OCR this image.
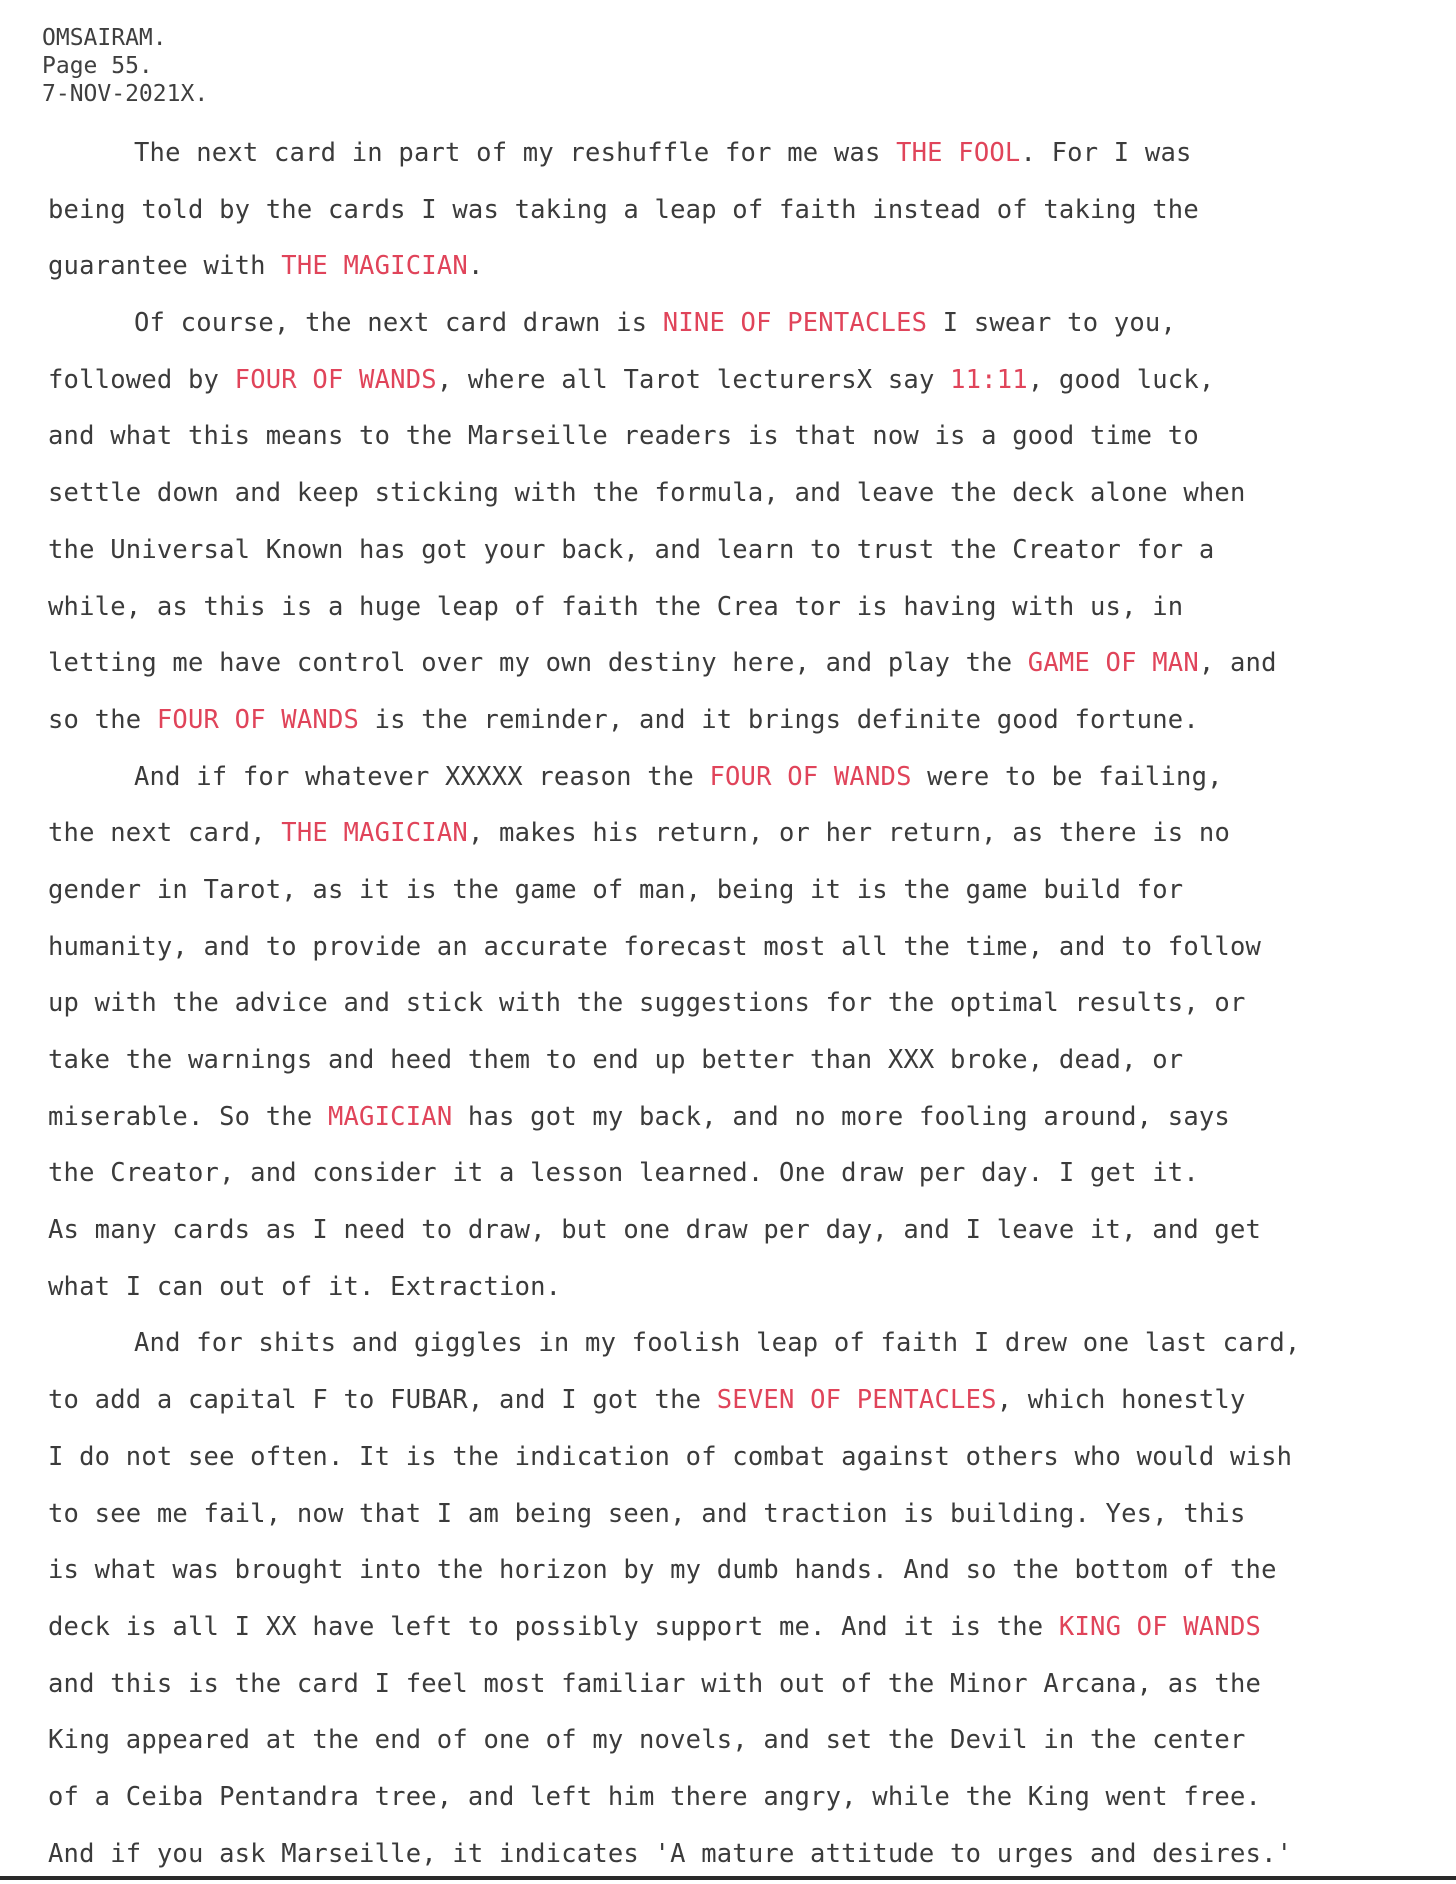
OMSAIRAM.
Page 55.
7-NOV-2021X.
The next card in part of my reshuffle for me was THE FOOL. For I was
being told by the cards I was taking a leap of faith instead of taking the
guarantee with THE MAGICIAN.
Of course, the next card drawn is NINE OF PENTACLES I swear to you,
followed by FOUR OF WANDS, where all Tarot lecturersX say 11:11, good luck,
and what this means to the Marseille readers is that now is a good time to
settle down and keep sticking with the formula, and leave the deck alone when
the Universal Known has got your back, and learn to trust the Creator for a
while, as this is a huge leap of faith the Crea tor is having with us, in
letting me have control over my own destiny here, and play the GAME OF MAN, and
so the FOUR OF WANDS is the reminder, and it brings definite good fortune.
And if for whatever XXXXX reason the FOUR OF WANDS were to be failing,
the next card, THE MAGICIAN, makes his return, or her return, as there is no
gender in Tarot, as it is the game of man, being it is the game build for
humanity, and to provide an accurate forecast most all the time, and to follow
up with the advice and stick with the suggestions for the optimal results, or
take the warnings and heed them to end up better than XXX broke, dead, or
miserable. So the MAGICIAN has got my back, and no more fooling around, says
the Creator, and consider it a lesson learned. One draw per day. I get it.
As many cards as I need to draw, but one draw per day, and I leave it, and get
what I can out of it. Extraction.
And for shits and giggles in my foolish leap of faith I drew one last card,
to add a capital F to FUBAR, and I got the SEVEN OF PENTACLES, which honestly
I do not see often. It is the indication of combat against others who would wish
to see me fail, now that I am being seen, and traction is building. Yes, this
is what was brought into the horizon by my dumb hands. And so the bottom of the
deck is all I XX have left to possibly support me. And it is the KING OF WANDS
and this is the card I feel most familiar with out of the Minor Arcana, as the
King appeared at the end of one of my novels, and set the Devil in the center
of a Ceiba Pentandra tree, and left him there angry, while the King went free.
And if you ask Marseille, it indicates 'A mature attitude to urges and desires.'
